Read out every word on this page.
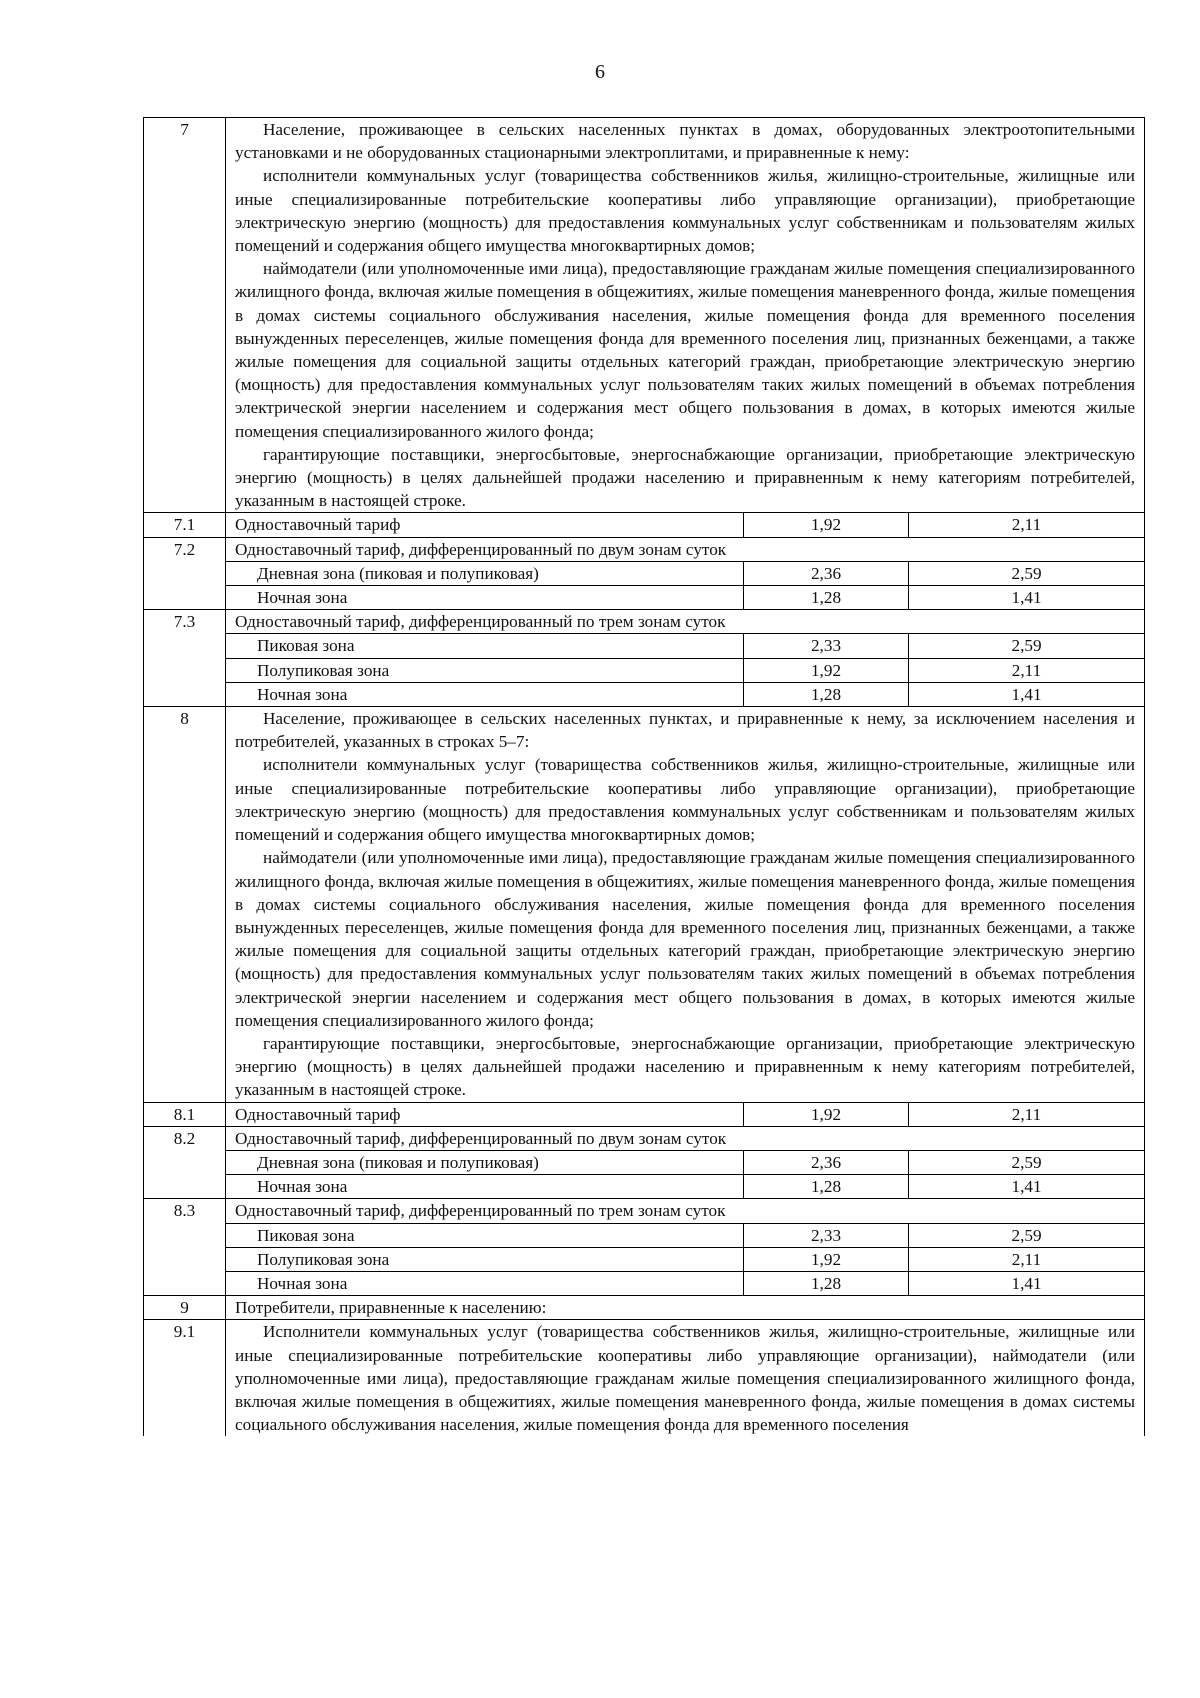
6
7	Население, проживающее в сельских населенных пунктах в домах, оборудованных электроотопительными установками и не оборудованных стационарными электроплитами, и приравненные к нему:

исполнители коммунальных услуг (товарищества собственников жилья, жилищно-строительные, жилищные или иные специализированные потребительские кооперативы либо управляющие организации), приобретающие электрическую энергию (мощность) для предоставления коммунальных услуг собственникам и пользователям жилых помещений и содержания общего имущества многоквартирных домов;

наймодатели (или уполномоченные ими лица), предоставляющие гражданам жилые помещения специализированного жилищного фонда, включая жилые помещения в общежитиях, жилые помещения маневренного фонда, жилые помещения в домах системы социального обслуживания населения, жилые помещения фонда для временного поселения вынужденных переселенцев, жилые помещения фонда для временного поселения лиц, признанных беженцами, а также жилые помещения для социальной защиты отдельных категорий граждан, приобретающие электрическую энергию (мощность) для предоставления коммунальных услуг пользователям таких жилых помещений в объемах потребления электрической энергии населением и содержания мест общего пользования в домах, в которых имеются жилые помещения специализированного жилого фонда;

гарантирующие поставщики, энергосбытовые, энергоснабжающие организации, приобретающие электрическую энергию (мощность) в целях дальнейшей продажи населению и приравненным к нему категориям потребителей, указанным в настоящей строке.		

7.1	Одноставочный тариф	1,92	2,11
7.2	Одноставочный тариф, дифференцированный по двум зонам суток		
	Дневная зона (пиковая и полупиковая)	2,36	2,59
	Ночная зона	1,28	1,41
7.3	Одноставочный тариф, дифференцированный по трем зонам суток		
	Пиковая зона	2,33	2,59
	Полупиковая зона	1,92	2,11
	Ночная зона	1,28	1,41
8	Население, проживающее в сельских населенных пунктах, и приравненные к нему, за исключением населения и потребителей, указанных в строках 5–7:

исполнители коммунальных услуг (товарищества собственников жилья, жилищно-строительные, жилищные или иные специализированные потребительские кооперативы либо управляющие организации), приобретающие электрическую энергию (мощность) для предоставления коммунальных услуг собственникам и пользователям жилых помещений и содержания общего имущества многоквартирных домов;

наймодатели (или уполномоченные ими лица), предоставляющие гражданам жилые помещения специализированного жилищного фонда, включая жилые помещения в общежитиях, жилые помещения маневренного фонда, жилые помещения в домах системы социального обслуживания населения, жилые помещения фонда для временного поселения вынужденных переселенцев, жилые помещения фонда для временного поселения лиц, признанных беженцами, а также жилые помещения для социальной защиты отдельных категорий граждан, приобретающие электрическую энергию (мощность) для предоставления коммунальных услуг пользователям таких жилых помещений в объемах потребления электрической энергии населением и содержания мест общего пользования в домах, в которых имеются жилые помещения специализированного жилого фонда;

гарантирующие поставщики, энергосбытовые, энергоснабжающие организации, приобретающие электрическую энергию (мощность) в целях дальнейшей продажи населению и приравненным к нему категориям потребителей, указанным в настоящей строке.		

8.1	Одноставочный тариф	1,92	2,11
8.2	Одноставочный тариф, дифференцированный по двум зонам суток		
	Дневная зона (пиковая и полупиковая)	2,36	2,59
	Ночная зона	1,28	1,41
8.3	Одноставочный тариф, дифференцированный по трем зонам суток		
	Пиковая зона	2,33	2,59
	Полупиковая зона	1,92	2,11
	Ночная зона	1,28	1,41
9	Потребители, приравненные к населению:		
9.1	Исполнители коммунальных услуг (товарищества собственников жилья, жилищно-строительные, жилищные или иные специализированные потребительские кооперативы либо управляющие организации), наймодатели (или уполномоченные ими лица), предоставляющие гражданам жилые помещения специализированного жилищного фонда, включая жилые помещения в общежитиях, жилые помещения маневренного фонда, жилые помещения в домах системы социального обслуживания населения, жилые помещения фонда для временного поселения		
